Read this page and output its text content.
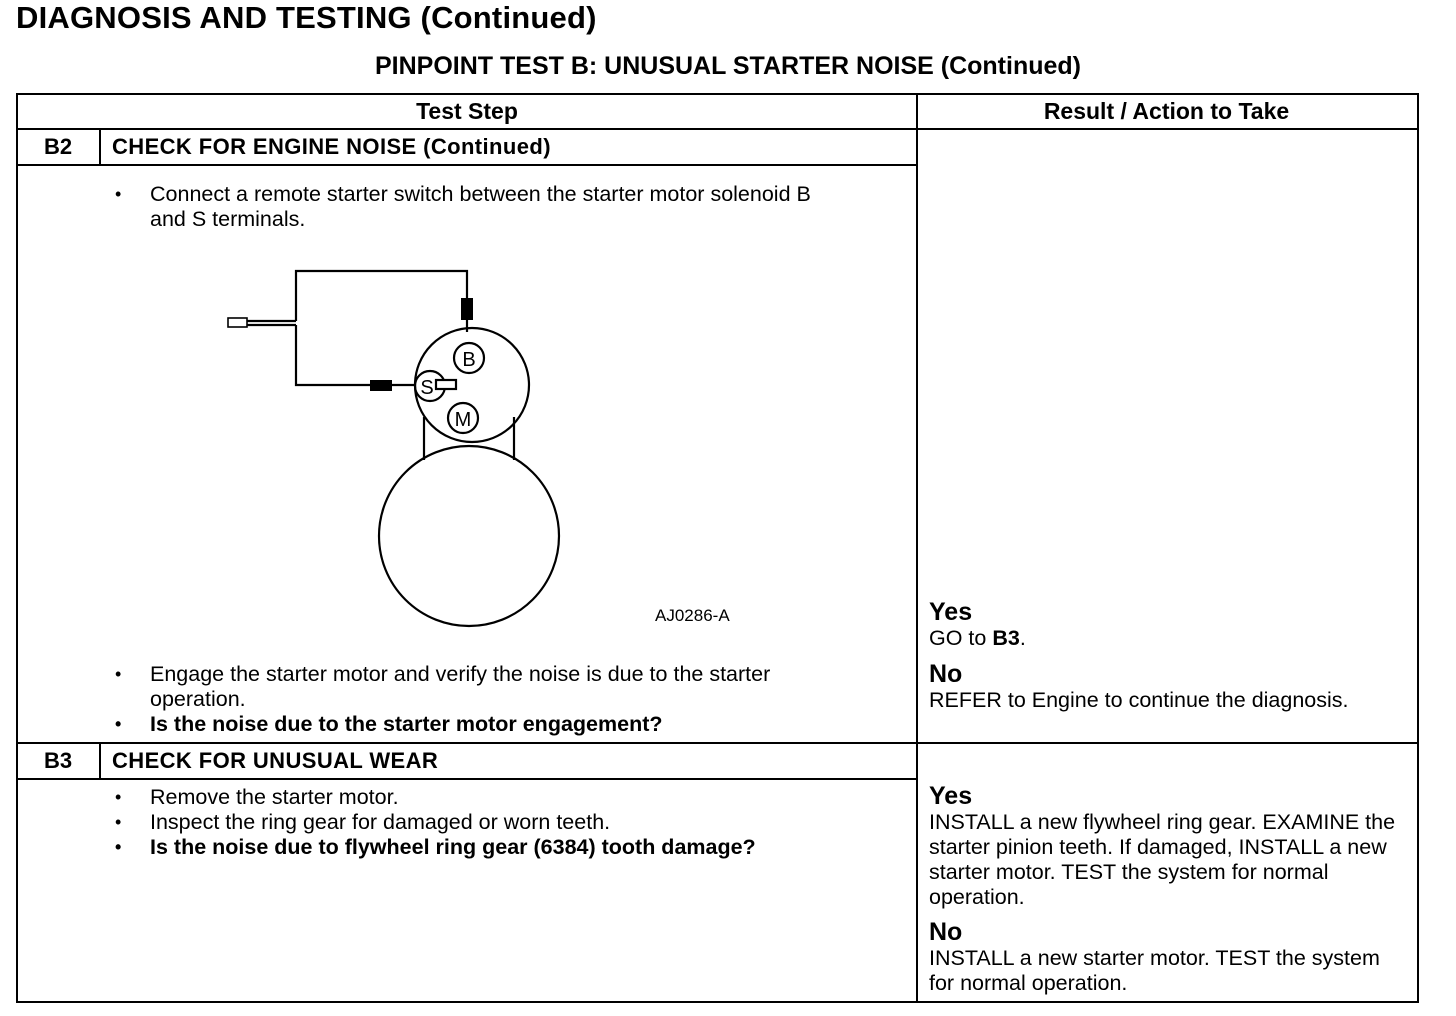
DIAGNOSIS AND TESTING (Continued)
PINPOINT TEST B: UNUSUAL STARTER NOISE (Continued)
Test Step	Result / Action to Take
B2	CHECK FOR ENGINE NOISE (Continued)
• Connect a remote starter switch between the starter motor solenoid B and S terminals.
B
S
M
AJ0286-A
• Engage the starter motor and verify the noise is due to the starter operation.
• Is the noise due to the starter motor engagement?
Yes
GO to B3.
No
REFER to Engine to continue the diagnosis.
B3	CHECK FOR UNUSUAL WEAR
• Remove the starter motor.
• Inspect the ring gear for damaged or worn teeth.
• Is the noise due to flywheel ring gear (6384) tooth damage?
Yes
INSTALL a new flywheel ring gear. EXAMINE the starter pinion teeth. If damaged, INSTALL a new starter motor. TEST the system for normal operation.
No
INSTALL a new starter motor. TEST the system for normal operation.
